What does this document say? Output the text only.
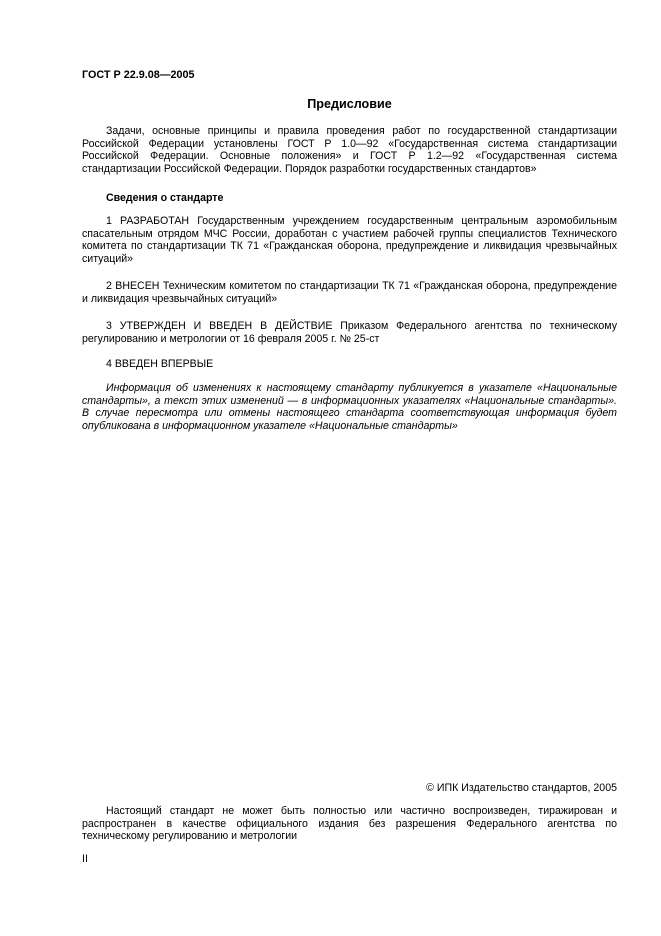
ГОСТ Р 22.9.08—2005
Предисловие

Задачи, основные принципы и правила проведения работ по государственной стандартизации Российской Федерации установлены ГОСТ Р 1.0—92 «Государственная система стандартизации Российской Федерации. Основные положения» и ГОСТ Р 1.2—92 «Государственная система стандартизации Российской Федерации. Порядок разработки государственных стандартов»

Сведения о стандарте

1 РАЗРАБОТАН Государственным учреждением государственным центральным аэромобильным спасательным отрядом МЧС России, доработан с участием рабочей группы специалистов Технического комитета по стандартизации ТК 71 «Гражданская оборона, предупреждение и ликвидация чрезвычайных ситуаций»

2 ВНЕСЕН Техническим комитетом по стандартизации ТК 71 «Гражданская оборона, предупреждение и ликвидация чрезвычайных ситуаций»

3 УТВЕРЖДЕН И ВВЕДЕН В ДЕЙСТВИЕ Приказом Федерального агентства по техническому регулированию и метрологии от 16 февраля 2005 г. № 25-ст

4 ВВЕДЕН ВПЕРВЫЕ

Информация об изменениях к настоящему стандарту публикуется в указателе «Национальные стандарты», а текст этих изменений — в информационных указателях «Национальные стандарты». В случае пересмотра или отмены настоящего стандарта соответствующая информация будет опубликована в информационном указателе «Национальные стандарты»

© ИПК Издательство стандартов, 2005

Настоящий стандарт не может быть полностью или частично воспроизведен, тиражирован и распространен в качестве официального издания без разрешения Федерального агентства по техническому регулированию и метрологии

II
